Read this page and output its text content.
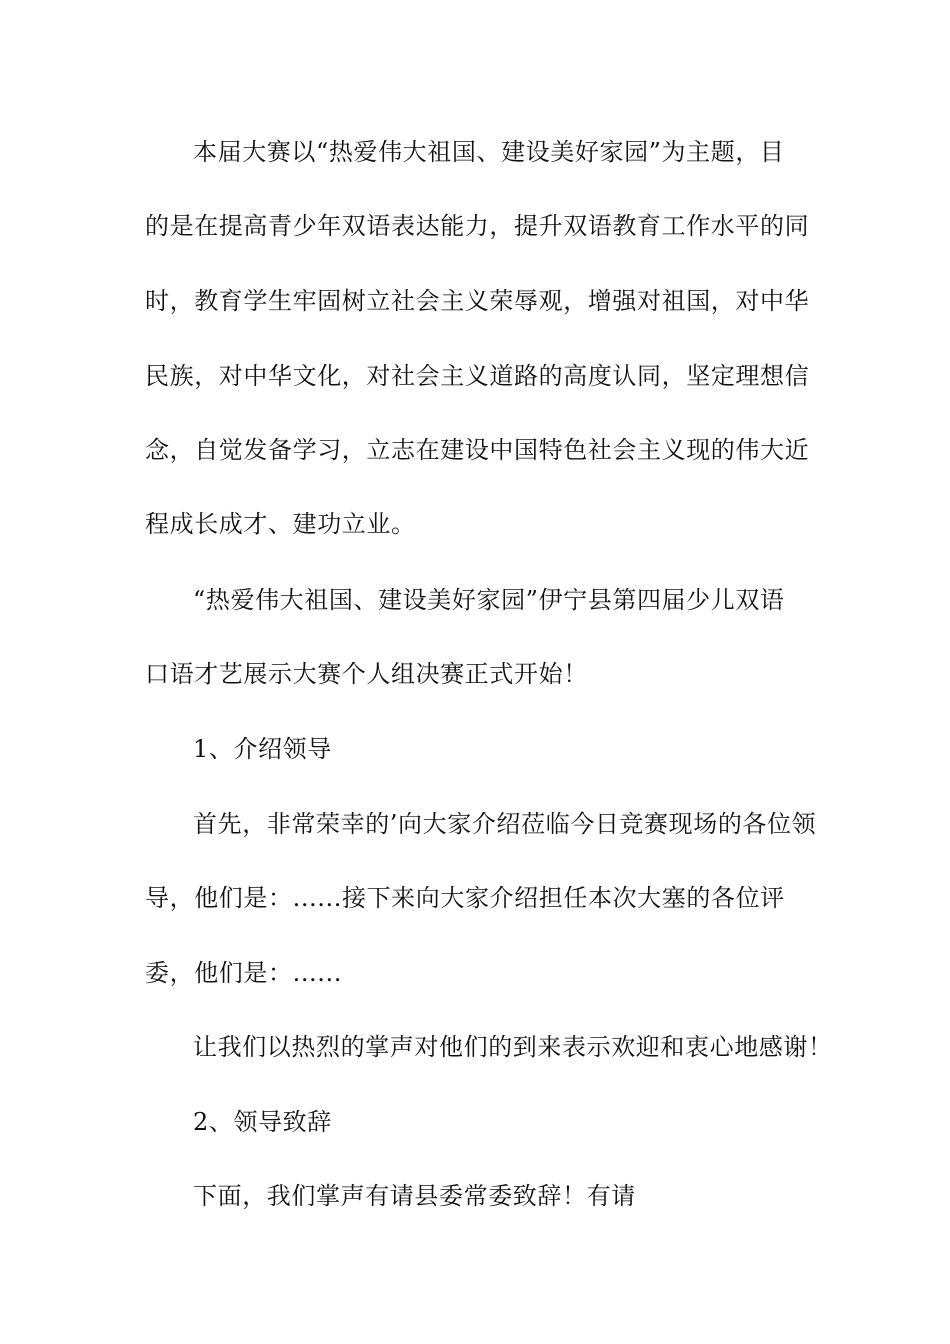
本届大赛以“热爱伟大祖国、建设美好家园”为主题，目
的是在提高青少年双语表达能力，提升双语教育工作水平的同
时，教育学生牢固树立社会主义荣辱观，增强对祖国，对中华
民族，对中华文化，对社会主义道路的高度认同，坚定理想信
念，自觉发备学习，立志在建设中国特色社会主义现的伟大近
程成长成才、建功立业。
“热爱伟大祖国、建设美好家园”伊宁县第四届少儿双语
口语才艺展示大赛个人组决赛正式开始！
1、介绍领导
首先，非常荣幸的’向大家介绍莅临今日竞赛现场的各位领
导，他们是：......接下来向大家介绍担任本次大塞的各位评
委，他们是：......
让我们以热烈的掌声对他们的到来表示欢迎和衷心地感谢！
2、领导致辞
下面，我们掌声有请县委常委致辞！有请
